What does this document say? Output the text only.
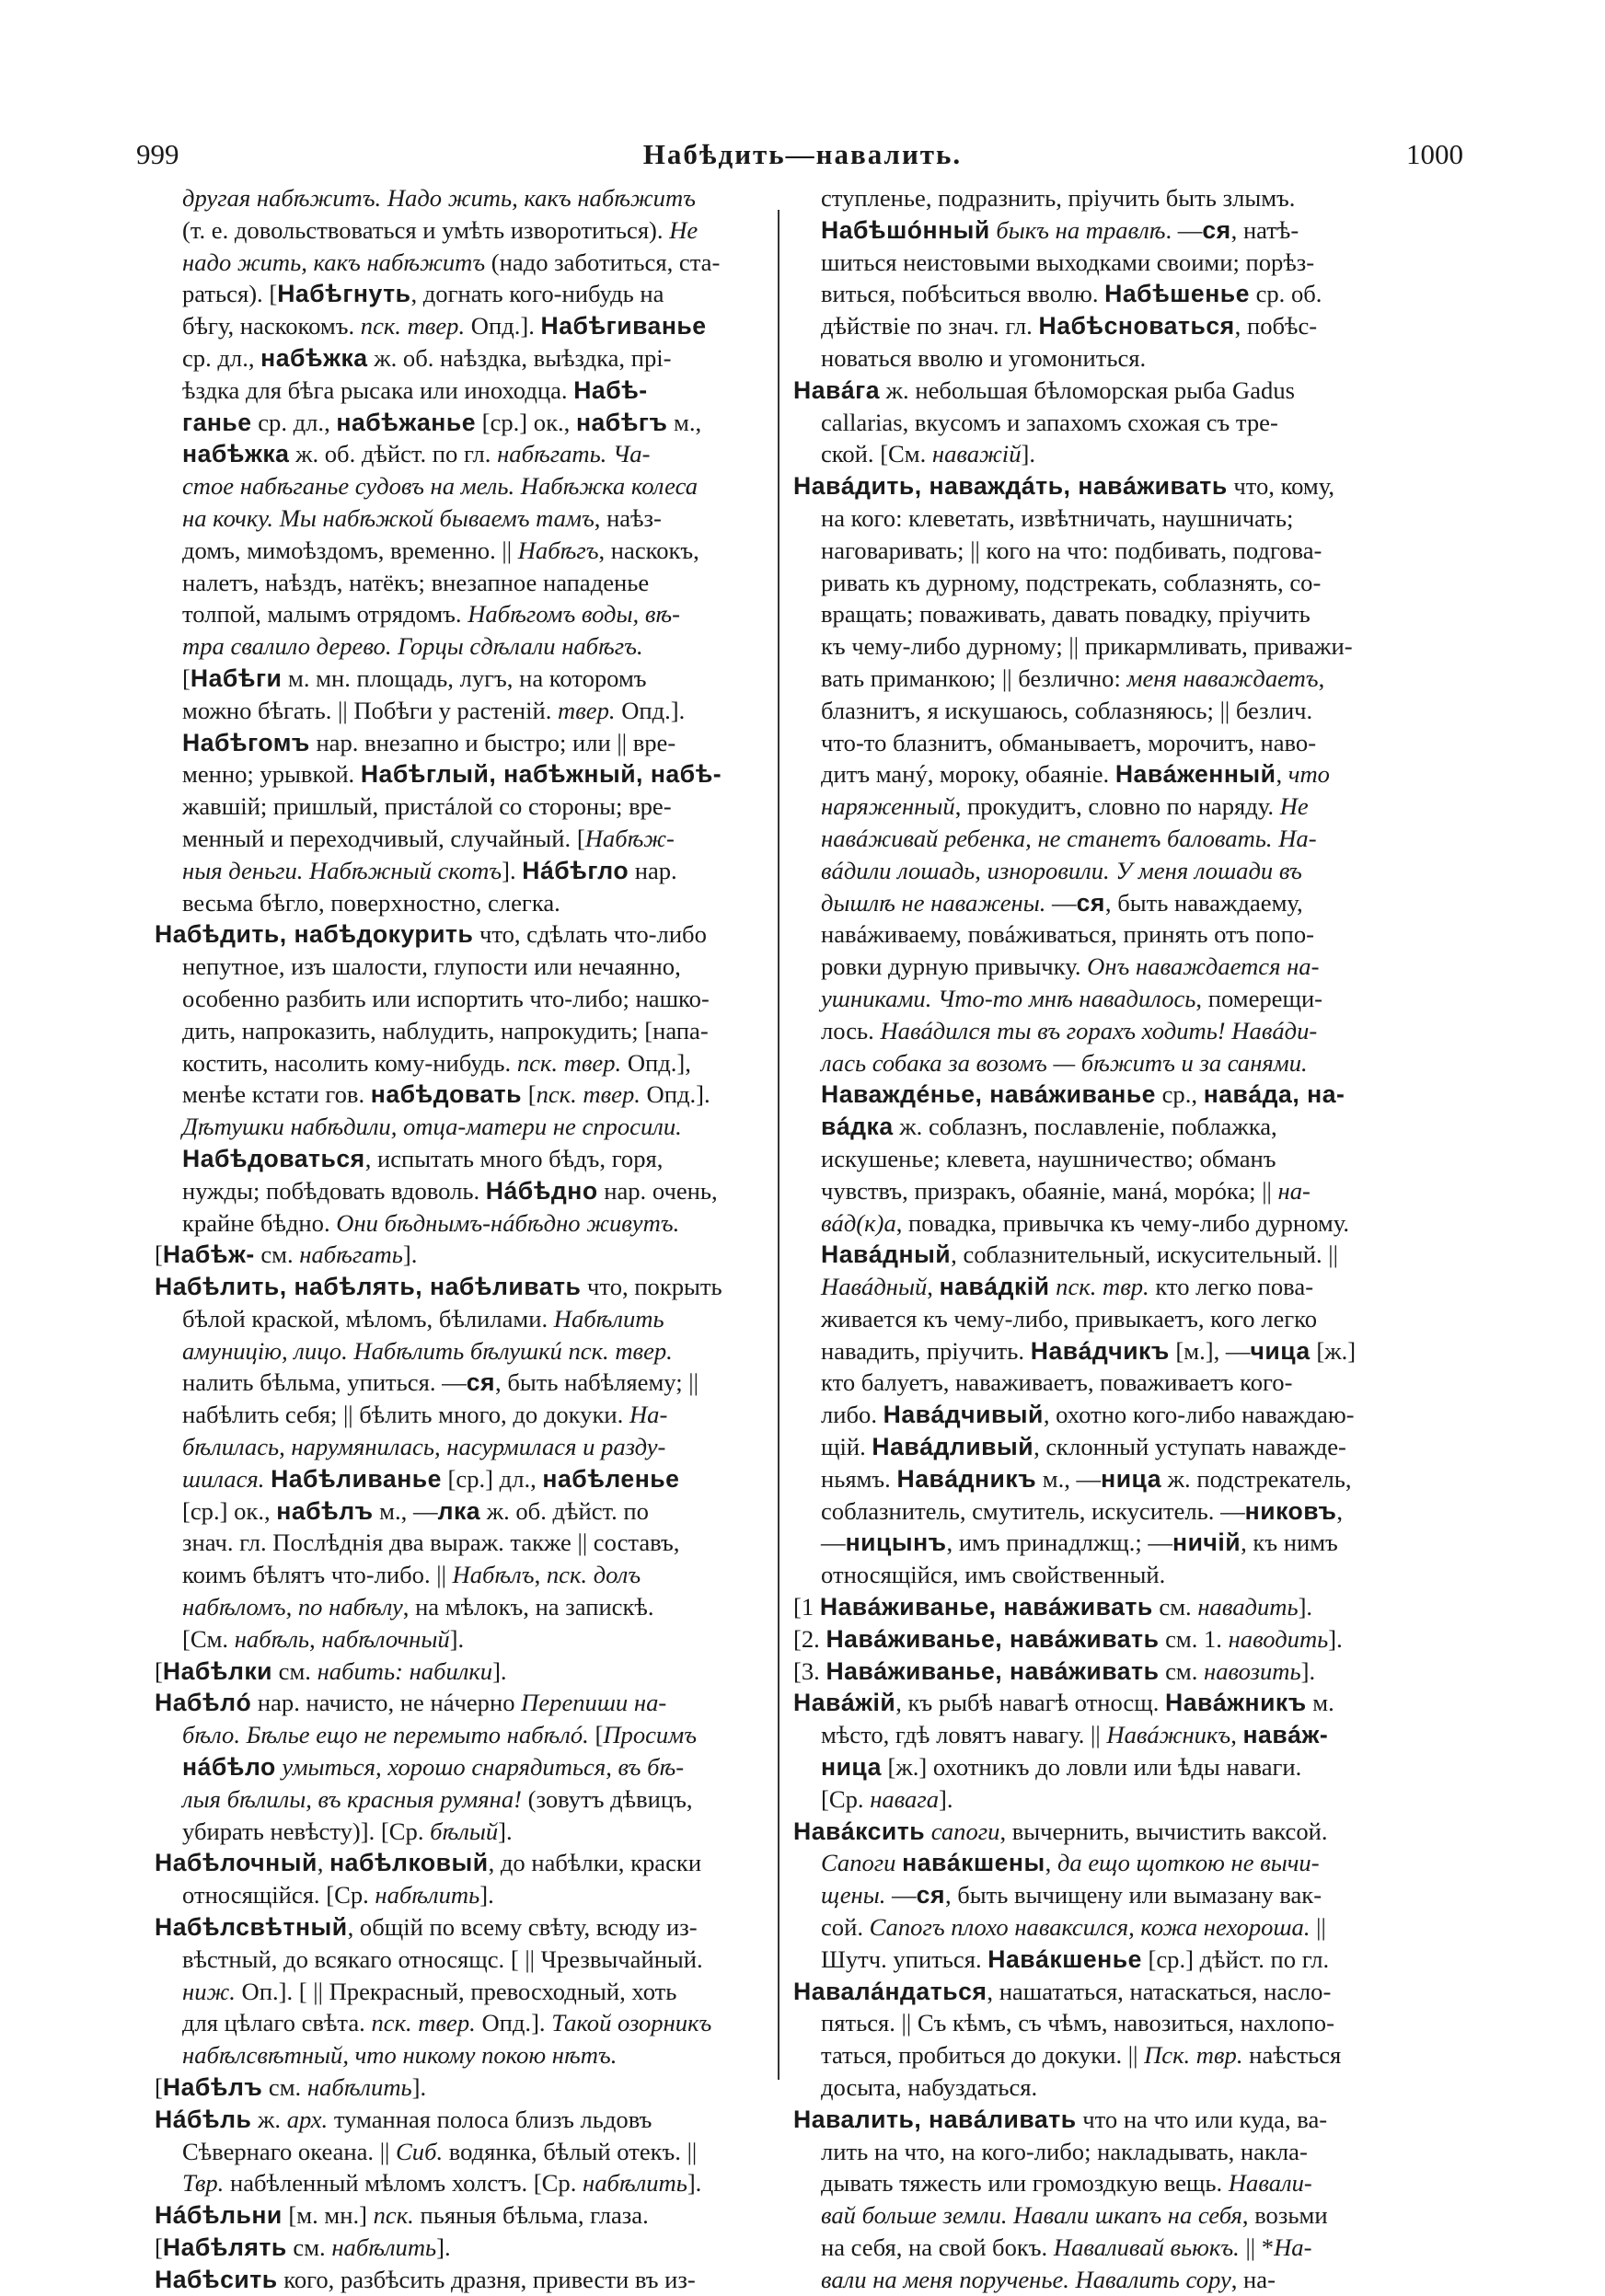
999	Набѣдить—навалить.	1000
другая набѣжитъ. Надо жить, какъ набѣжитъ
(т. е. довольствоваться и умѣть извоpотиться). Не
надо жить, какъ набѣжитъ (надо заботиться, ста-
раться). [Набѣгнуть, догнать кого-нибудь на
бѣгу, наскокомъ. пск. твер. Опд.]. Набѣгиванье
ср. дл., набѣжка ж. об. наѣздка, выѣздка, прі-
ѣздка для бѣга рысака или иноходца. Набѣ-
ганье ср. дл., набѣжанье [ср.] ок., набѣгъ м.,
набѣжка ж. об. дѣйст. по гл. набѣгать. Ча-
стое набѣганье судовъ на мель. Набѣжка колеса
на кочку. Мы набѣжкой бываемъ тамъ, наѣз-
домъ, мимоѣздомъ, временно. || Набѣгъ, наскокъ,
налетъ, наѣздъ, натёкъ; внезапное нападенье
толпой, малымъ отрядомъ. Набѣгомъ воды, вѣ-
тра свалило дерево. Горцы сдѣлали набѣгъ.
[Набѣги м. мн. площадь, лугъ, на которомъ
можно бѣгать. || Побѣги у растеній. твер. Опд.].
Набѣгомъ нар. внезапно и быстро; или || вре-
менно; урывкой. Набѣглый, набѣжный, набѣ-
жавшій; пришлый, пристáлой со стороны; вре-
менный и переходчивый, случайный. [Набѣж-
ныя деньги. Набѣжный скотъ]. Нáбѣгло нар.
весьма бѣгло, поверхностно, слегка.
Набѣдить, набѣдокурить что, сдѣлать что-либо
непутное, изъ шалости, глупости или нечаянно,
особенно разбить или испортить что-либо; нашко-
дить, напроказить, наблудить, напрокудить; [напа-
костить, насолить кому-нибудь. пск. твер. Опд.],
менѣе кстати гов. набѣдовать [пск. твер. Опд.].
Дѣтушки набѣдили, отца-матери не спросили.
Набѣдоваться, испытать много бѣдъ, горя,
нужды; побѣдовать вдоволь. Нáбѣдно нар. очень,
крайне бѣдно. Они бѣднымъ-нáбѣдно живутъ.
[Набѣж- см. набѣгать].
Набѣлить, набѣлять, набѣливать что, покрыть
бѣлой краской, мѣломъ, бѣлилами. Набѣлить
амуницію, лицо. Набѣлить бѣлушкú пск. твер.
налить бѣльма, упиться. —ся, быть набѣляему; ||
набѣлить себя; || бѣлить много, до докуки. На-
бѣлилась, нарумянилась, насурмилася и разду-
шилася. Набѣливанье [ср.] дл., набѣленье
[ср.] ок., набѣлъ м., —лка ж. об. дѣйст. по
знач. гл. Послѣднія два выраж. также || составъ,
коимъ бѣлятъ что-либо. || Набѣлъ, пск. долъ
набѣломъ, по набѣлу, на мѣлокъ, на запискѣ.
[См. набѣль, набѣлочный].
[Набѣлки см. набить: набилки].
Набѣлó нар. начисто, не нáчерно Перепиши на-
бѣло. Бѣлье ещо не перемыто набѣлó. [Просимъ
нáбѣло умыться, хорошо снарядиться, въ бѣ-
лыя бѣлилы, въ красныя румяна! (зовутъ дѣвицъ,
убирать невѣсту)]. [Ср. бѣлый].
Набѣлочный, набѣлковый, до набѣлки, краски
относящійся. [Ср. набѣлить].
Набѣлсвѣтный, общій по всему свѣту, всюду из-
вѣстный, до всякаго относящс. [ || Чрезвычайный.
ниж. Оп.]. [ || Прекрасный, превосходный, хоть
для цѣлаго свѣта. пск. твер. Опд.]. Такой озорникъ
набѣлсвѣтный, что никому покою нѣтъ.
[Набѣлъ см. набѣлить].
Нáбѣль ж. арх. туманная полоса близъ льдовъ
Сѣвернаго океана. || Сиб. водянка, бѣлый отекъ. ||
Твр. набѣленный мѣломъ холстъ. [Ср. набѣлить].
Нáбѣльни [м. мн.] пск. пьяныя бѣльма, глаза.
[Набѣлять см. набѣлить].
Набѣсить кого, разбѣсить дразня, привести въ из-
ступленье, подразнить, пріучить быть злымъ.
Набѣшóнный быкъ на травлѣ. —ся, натѣ-
шиться неистовыми выходками своими; порѣз-
виться, побѣситься вволю. Набѣшенье ср. об.
дѣйствіе по знач. гл. Набѣсноваться, побѣс-
новаться вволю и угомониться.
Навáга ж. небольшая бѣломорская рыба Gadus
callarias, вкусомъ и запахомъ схожая съ тре-
ской. [См. наважій].
Навáдить, наваждáть, навáживать что, кому,
на кого: клеветать, извѣтничать, наушничать;
наговаривать; || кого на что: подбивать, подгова-
ривать къ дурному, подстрекать, соблазнять, со-
вращать; поваживать, давать повадку, пріучить
къ чему-либо дурному; || прикармливать, приважи-
вать приманкою; || безлично: меня наваждаетъ,
блазнитъ, я искушаюсь, соблазняюсь; || безлич.
что-то блазнитъ, обманываетъ, морочитъ, наво-
дитъ манý, мороку, обаяніе. Навáженный, что
наряженный, прокудитъ, словно по наряду. Не
навáживай ребенка, не станетъ баловать. На-
вáдили лошадь, изноровили. У меня лошади въ
дышлѣ не наважены. —ся, быть наваждаему,
навáживаему, повáживаться, принять отъ попо-
ровки дурную привычку. Онъ наваждается на-
ушниками. Что-то мнѣ навадилось, померещи-
лось. Навáдился ты въ горахъ ходить! Навáди-
лась собака за возомъ — бѣжитъ и за санями.
Наваждéнье, навáживанье ср., навáда, на-
вáдка ж. соблазнъ, пославленіе, поблажка,
искушенье; клевета, наушничество; обманъ
чувствъ, призракъ, обаяніе, манá, морóка; || на-
вáд(к)а, повадка, привычка къ чему-либо дурному.
Навáдный, соблазнительный, искусительный. ||
Навáдный, навáдкій пск. твр. кто легко пова-
живается къ чему-либо, привыкаетъ, кого легко
навадить, пріучить. Навáдчикъ [м.], —чица [ж.]
кто балуетъ, наваживаетъ, поваживаетъ кого-
либо. Навáдчивый, охотно кого-либо наваждаю-
щій. Навáдливый, склонный уступать наважде-
ньямъ. Навáдникъ м., —ница ж. подстрекатель,
соблазнитель, смутитель, искуситель. —никовъ,
—ницынъ, имъ принадлжщ.; —ничій, къ нимъ
относящійся, имъ свойственный.
[1 Навáживанье, навáживать см. навадить].
[2. Навáживанье, навáживать см. 1. наводить].
[3. Навáживанье, навáживать см. навозить].
Навáжій, къ рыбѣ навагѣ относщ. Навáжникъ м.
мѣсто, гдѣ ловятъ навагу. || Навáжникъ, навáж-
ница [ж.] охотникъ до ловли или ѣды наваги.
[Ср. навага].
Навáксить сапоги, вычернить, вычистить ваксой.
Сапоги навáкшены, да ещо щоткою не вычи-
щены. —ся, быть вычищену или вымазану вак-
сой. Сапогъ плохо наваксился, кожа нехороша. ||
Шутч. упиться. Навáкшенье [ср.] дѣйст. по гл.
Навалáндаться, нашататься, натаскаться, насло-
пяться. || Съ кѣмъ, съ чѣмъ, навозиться, нахлопо-
таться, пробиться до докуки. || Пск. твр. наѣсться
досыта, набуздаться.
Навалить, навáливать что на что или куда, ва-
лить на что, на кого-либо; накладывать, накла-
дывать тяжесть или громоздкую вещь. Навали-
вай больше земли. Навали шкапъ на себя, возьми
на себя, на свой бокъ. Наваливай вьюкъ. || *На-
вали на меня порученье. Навалить сору, на-
